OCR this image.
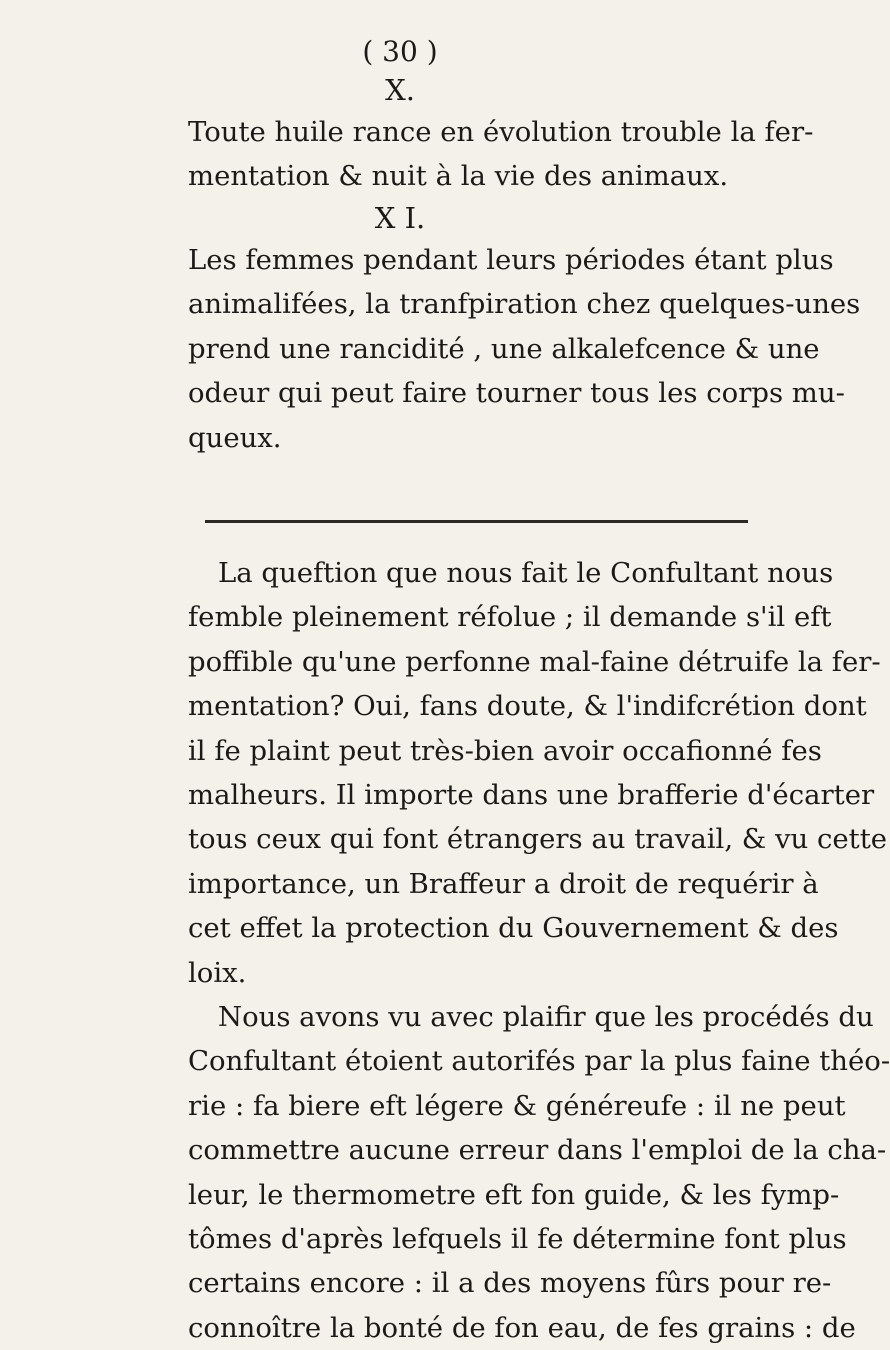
( 30 )
X.

Toute huile rance en évolution trouble la fer-
mentation & nuit à la vie des animaux.

X I.

Les femmes pendant leurs périodes étant plus
animalifées, la tranfpiration chez quelques-unes
prend une rancidité , une alkalefcence & une
odeur qui peut faire tourner tous les corps mu-
queux.

La queftion que nous fait le Confultant nous
femble pleinement réfolue ; il demande s'il eft
poffible qu'une perfonne mal-faine détruife la fer-
mentation? Oui, fans doute, & l'indifcrétion dont
il fe plaint peut très-bien avoir occafionné fes
malheurs. Il importe dans une brafferie d'écarter
tous ceux qui font étrangers au travail, & vu cette
importance, un Braffeur a droit de requérir à
cet effet la protection du Gouvernement & des
loix.

Nous avons vu avec plaifir que les procédés du
Confultant étoient autorifés par la plus faine théo-
rie : fa biere eft légere & généreufe : il ne peut
commettre aucune erreur dans l'emploi de la cha-
leur, le thermometre eft fon guide, & les fymp-
tômes d'après lefquels il fe détermine font plus
certains encore : il a des moyens fûrs pour re-
connoître la bonté de fon eau, de fes grains : de
